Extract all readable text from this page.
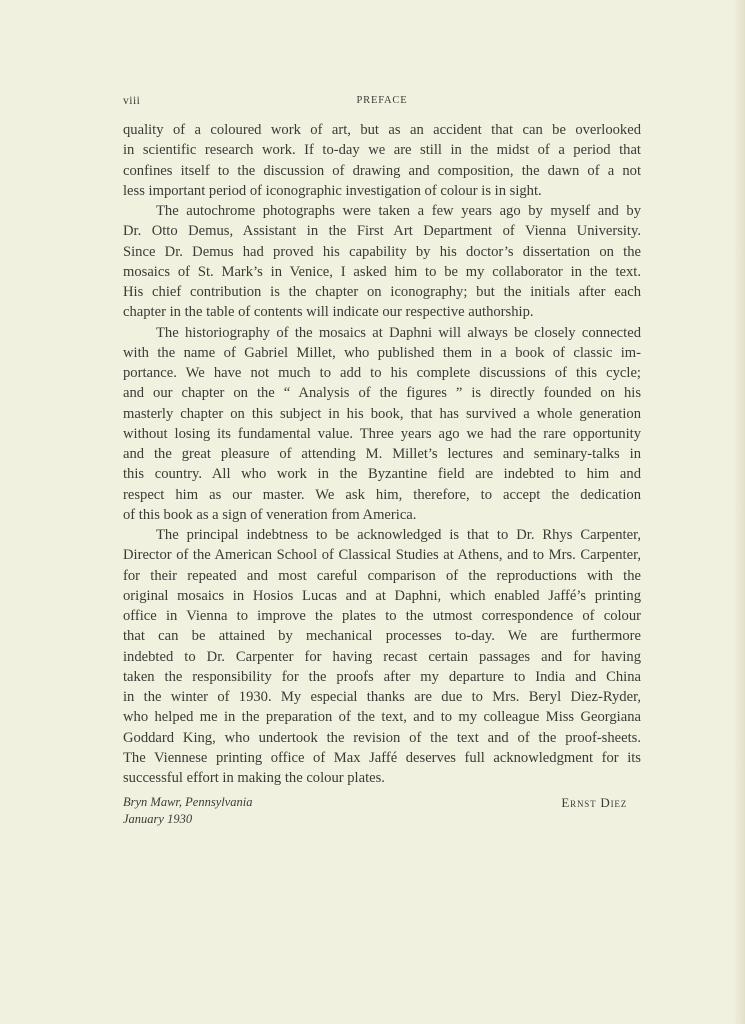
viii	PREFACE
quality of a coloured work of art, but as an accident that can be overlooked
in scientific research work. If to-day we are still in the midst of a period that
confines itself to the discussion of drawing and composition, the dawn of a not
less important period of iconographic investigation of colour is in sight.
The autochrome photographs were taken a few years ago by myself and by
Dr. Otto Demus, Assistant in the First Art Department of Vienna University.
Since Dr. Demus had proved his capability by his doctor’s dissertation on the
mosaics of St. Mark’s in Venice, I asked him to be my collaborator in the text.
His chief contribution is the chapter on iconography; but the initials after each
chapter in the table of contents will indicate our respective authorship.
The historiography of the mosaics at Daphni will always be closely connected
with the name of Gabriel Millet, who published them in a book of classic im-
portance. We have not much to add to his complete discussions of this cycle;
and our chapter on the “ Analysis of the figures ” is directly founded on his
masterly chapter on this subject in his book, that has survived a whole generation
without losing its fundamental value. Three years ago we had the rare opportunity
and the great pleasure of attending M. Millet’s lectures and seminary-talks in
this country. All who work in the Byzantine field are indebted to him and
respect him as our master. We ask him, therefore, to accept the dedication
of this book as a sign of veneration from America.
The principal indebtness to be acknowledged is that to Dr. Rhys Carpenter,
Director of the American School of Classical Studies at Athens, and to Mrs. Carpenter,
for their repeated and most careful comparison of the reproductions with the
original mosaics in Hosios Lucas and at Daphni, which enabled Jaffé’s printing
office in Vienna to improve the plates to the utmost correspondence of colour
that can be attained by mechanical processes to-day. We are furthermore
indebted to Dr. Carpenter for having recast certain passages and for having
taken the responsibility for the proofs after my departure to India and China
in the winter of 1930. My especial thanks are due to Mrs. Beryl Diez-Ryder,
who helped me in the preparation of the text, and to my colleague Miss Georgiana
Goddard King, who undertook the revision of the text and of the proof-sheets.
The Viennese printing office of Max Jaffé deserves full acknowledgment for its
successful effort in making the colour plates.
Bryn Mawr, Pennsylvania
January 1930
Ernst Diez
